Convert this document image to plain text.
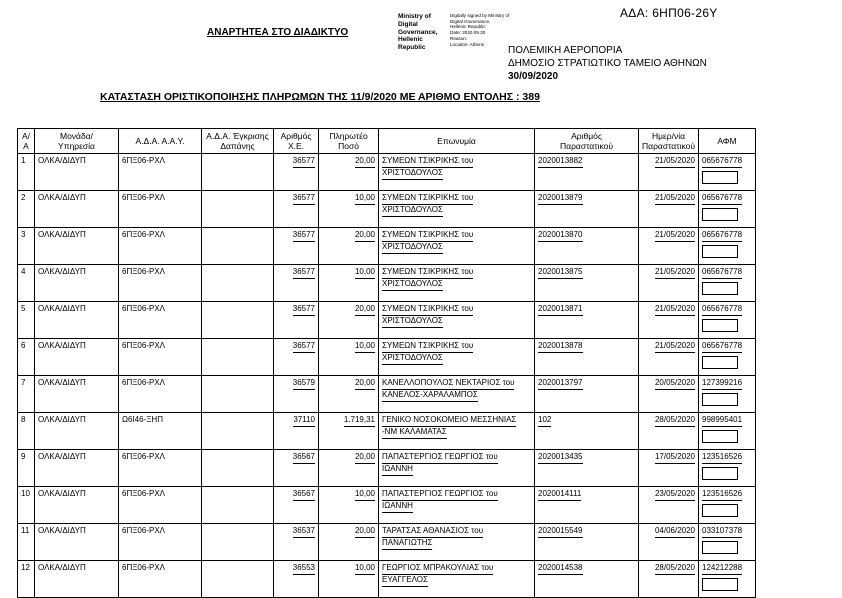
ΑΔΑ: 6ΗΠ06-26Υ
ΑΝΑΡΤΗΤΕΑ ΣΤΟ ΔΙΑΔΙΚΤΥΟ
Ministry of Digital
Governance,
Hellenic Republic
Digitally signed by Ministry of Digital Governance,
Hellenic Republic
Date: 2020.09.30
Reason:
Location: Athens
ΠΟΛΕΜΙΚΗ ΑΕΡΟΠΟΡΙΑ
ΔΗΜΟΣΙΟ ΣΤΡΑΤΙΩΤΙΚΟ ΤΑΜΕΙΟ ΑΘΗΝΩΝ
30/09/2020
ΚΑΤΑΣΤΑΣΗ ΟΡΙΣΤΙΚΟΠΟΙΗΣΗΣ ΠΛΗΡΩΜΩΝ ΤΗΣ 11/9/2020 ΜΕ ΑΡΙΘΜΟ ΕΝΤΟΛΗΣ : 389
Α/Α	Μονάδα/
Υπηρεσία	Α.Δ.Α. Α.Α.Υ.	Α.Δ.Α. Έγκρισης
Δαπάνης	Αριθμός
Χ.Ε.	Πληρωτέο
Ποσό	Επωνυμία	Αριθμός
Παραστατικού	Ημερ/νία
Παραστατικού	ΑΦΜ
1	ΟΛΚΑ/ΔΙΔΥΠ	6ΠΞ06-ΡΧΛ		36577	20,00	ΣΥΜΕΩΝ ΤΣΙΚΡΙΚΗΣ του
ΧΡΙΣΤΟΔΟΥΛΟΣ	2020013882	21/05/2020	065676778

2	ΟΛΚΑ/ΔΙΔΥΠ	6ΠΞ06-ΡΧΛ		36577	10,00	ΣΥΜΕΩΝ ΤΣΙΚΡΙΚΗΣ του
ΧΡΙΣΤΟΔΟΥΛΟΣ	2020013879	21/05/2020	065676778

3	ΟΛΚΑ/ΔΙΔΥΠ	6ΠΞ06-ΡΧΛ		36577	20,00	ΣΥΜΕΩΝ ΤΣΙΚΡΙΚΗΣ του
ΧΡΙΣΤΟΔΟΥΛΟΣ	2020013870	21/05/2020	065676778

4	ΟΛΚΑ/ΔΙΔΥΠ	6ΠΞ06-ΡΧΛ		36577	10,00	ΣΥΜΕΩΝ ΤΣΙΚΡΙΚΗΣ του
ΧΡΙΣΤΟΔΟΥΛΟΣ	2020013875	21/05/2020	065676778

5	ΟΛΚΑ/ΔΙΔΥΠ	6ΠΞ06-ΡΧΛ		36577	20,00	ΣΥΜΕΩΝ ΤΣΙΚΡΙΚΗΣ του
ΧΡΙΣΤΟΔΟΥΛΟΣ	2020013871	21/05/2020	065676778

6	ΟΛΚΑ/ΔΙΔΥΠ	6ΠΞ06-ΡΧΛ		36577	10,00	ΣΥΜΕΩΝ ΤΣΙΚΡΙΚΗΣ του
ΧΡΙΣΤΟΔΟΥΛΟΣ	2020013878	21/05/2020	065676778

7	ΟΛΚΑ/ΔΙΔΥΠ	6ΠΞ06-ΡΧΛ		36579	20,00	ΚΑΝΕΛΛΟΠΟΥΛΟΣ ΝΕΚΤΑΡΙΟΣ του
ΚΑΝΕΛΟΣ-ΧΑΡΑΛΑΜΠΟΣ	2020013797	20/05/2020	127399216

8	ΟΛΚΑ/ΔΙΔΥΠ	Ω6Ι46-ΞΗΠ		37110	1.719,31	ΓΕΝΙΚΟ ΝΟΣΟΚΟΜΕΙΟ ΜΕΣΣΗΝΙΑΣ
-ΝΜ ΚΑΛΑΜΑΤΑΣ	102	28/05/2020	998995401

9	ΟΛΚΑ/ΔΙΔΥΠ	6ΠΞ06-ΡΧΛ		36567	20,00	ΠΑΠΑΣΤΕΡΓΙΟΣ ΓΕΩΡΓΙΟΣ του
ΙΩΑΝΝΗ	2020013435	17/05/2020	123516526

10	ΟΛΚΑ/ΔΙΔΥΠ	6ΠΞ06-ΡΧΛ		36567	10,00	ΠΑΠΑΣΤΕΡΓΙΟΣ ΓΕΩΡΓΙΟΣ του
ΙΩΑΝΝΗ	2020014111	23/05/2020	123516526

11	ΟΛΚΑ/ΔΙΔΥΠ	6ΠΞ06-ΡΧΛ		36537	20,00	ΤΑΡΑΤΣΑΣ ΑΘΑΝΑΣΙΟΣ του
ΠΑΝΑΓΙΩΤΗΣ	2020015549	04/06/2020	033107378

12	ΟΛΚΑ/ΔΙΔΥΠ	6ΠΞ06-ΡΧΛ		36553	10,00	ΓΕΩΡΓΙΟΣ ΜΠΡΑΚΟΥΛΙΑΣ του
ΕΥΑΓΓΕΛΟΣ	2020014538	28/05/2020	124212288
